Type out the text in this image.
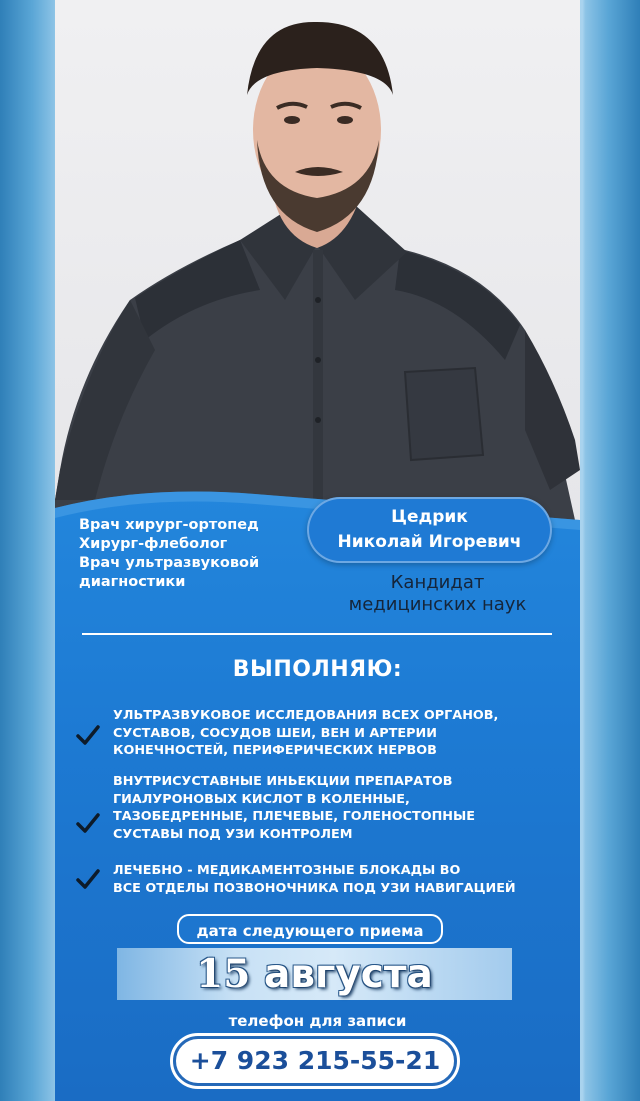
Врач хирург-ортопед
Хирург-флеболог
Врач ультразвуковой
диагностики
Цедрик
Николай Игоревич
Кандидат
медицинских наук
ВЫПОЛНЯЮ:
УЛЬТРАЗВУКОВОЕ ИССЛЕДОВАНИЯ ВСЕХ ОРГАНОВ,
СУСТАВОВ, СОСУДОВ ШЕИ, ВЕН И АРТЕРИИ
КОНЕЧНОСТЕЙ, ПЕРИФЕРИЧЕСКИХ НЕРВОВ
ВНУТРИСУСТАВНЫЕ ИНЬЕКЦИИ ПРЕПАРАТОВ
ГИАЛУРОНОВЫХ КИСЛОТ В КОЛЕННЫЕ,
ТАЗОБЕДРЕННЫЕ, ПЛЕЧЕВЫЕ, ГОЛЕНОСТОПНЫЕ
СУСТАВЫ ПОД УЗИ КОНТРОЛЕМ
ЛЕЧЕБНО - МЕДИКАМЕНТОЗНЫЕ БЛОКАДЫ ВО
ВСЕ ОТДЕЛЫ ПОЗВОНОЧНИКА ПОД УЗИ НАВИГАЦИЕЙ
дата следующего приема
15 августа
телефон для записи
+7 923 215-55-21
